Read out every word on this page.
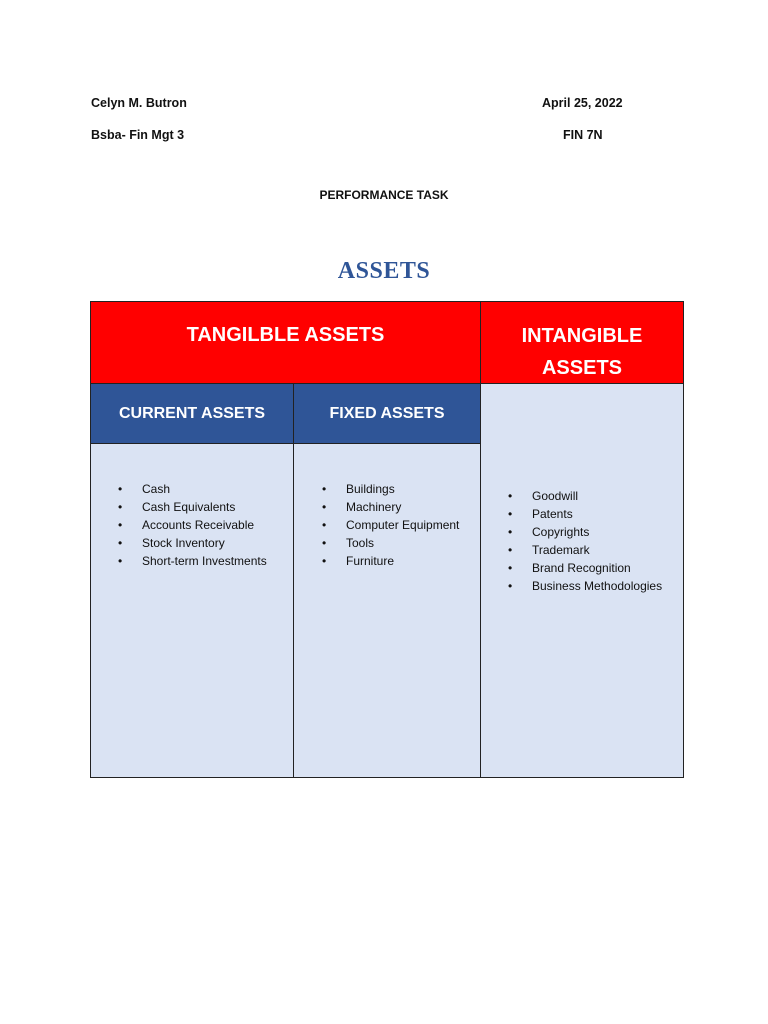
Celyn M. Butron
Bsba- Fin Mgt 3
April 25, 2022
FIN 7N
PERFORMANCE TASK
ASSETS
TANGILBLE ASSETS	INTANGIBLE ASSETS
CURRENT ASSETS	FIXED ASSETS
• Cash
• Cash Equivalents
• Accounts Receivable
• Stock Inventory
• Short-term Investments
• Buildings
• Machinery
• Computer Equipment
• Tools
• Furniture
• Goodwill
• Patents
• Copyrights
• Trademark
• Brand Recognition
• Business Methodologies
